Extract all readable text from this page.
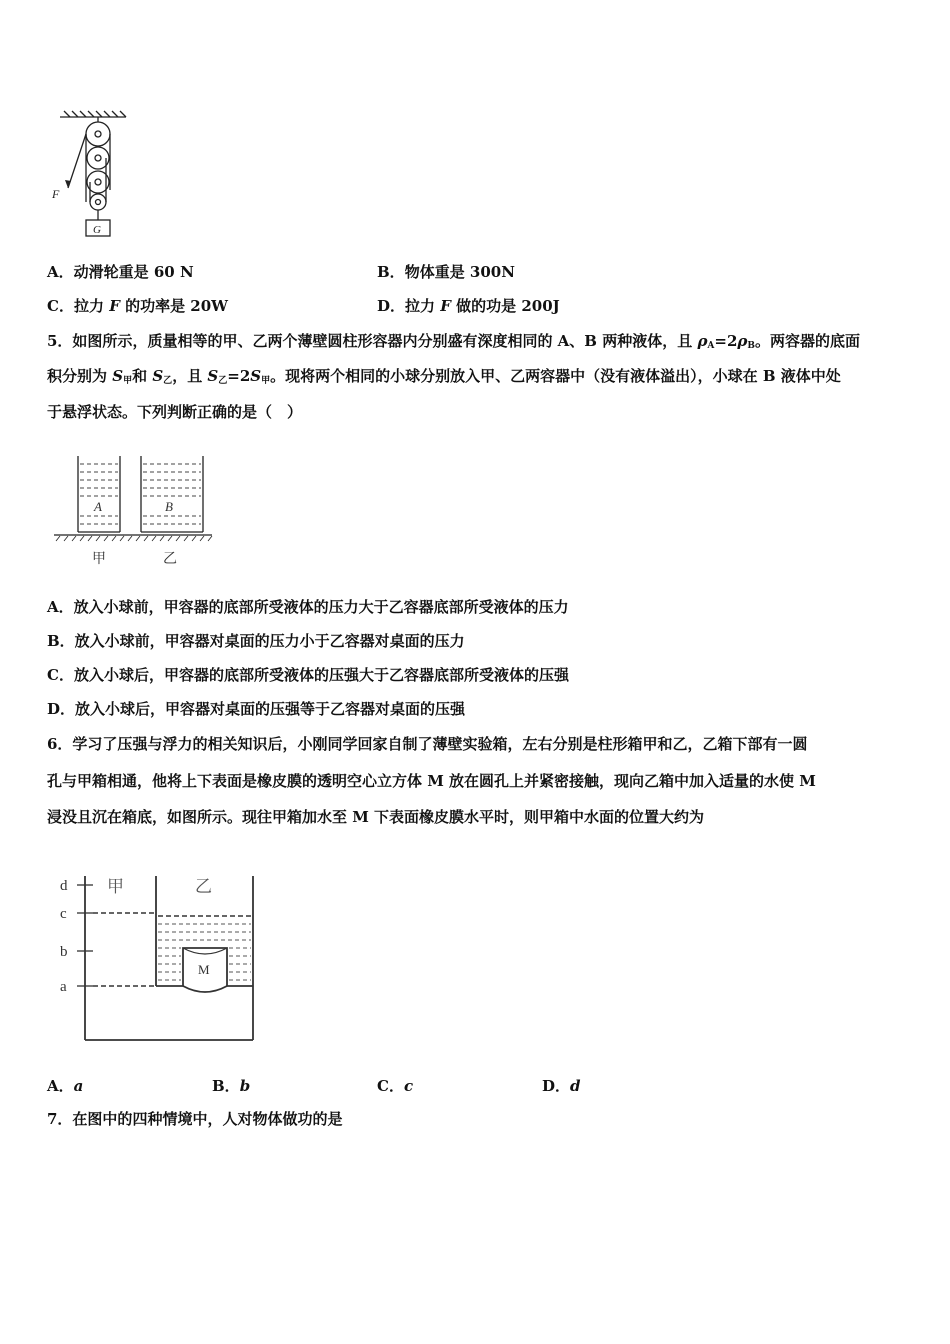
F
G
A．动滑轮重是 60 N	B．物体重是 300N
C．拉力 F 的功率是 20W	D．拉力 F 做的功是 200J
5．如图所示，质量相等的甲、乙两个薄壁圆柱形容器内分别盛有深度相同的 A、B 两种液体，且 $\rho_A=2\rho_B$。两容器的底面
积分别为 $S_甲$和 $S_乙$，且 $S_乙=2S_甲$。现将两个相同的小球分别放入甲、乙两容器中（没有液体溢出），小球在 B 液体中处
于悬浮状态。下列判断正确的是（　）
A	B
甲	乙
A．放入小球前，甲容器的底部所受液体的压力大于乙容器底部所受液体的压力
B．放入小球前，甲容器对桌面的压力小于乙容器对桌面的压力
C．放入小球后，甲容器的底部所受液体的压强大于乙容器底部所受液体的压强
D．放入小球后，甲容器对桌面的压强等于乙容器对桌面的压强
6．学习了压强与浮力的相关知识后，小刚同学回家自制了薄壁实验箱，左右分别是柱形箱甲和乙，乙箱下部有一圆
孔与甲箱相通，他将上下表面是橡皮膜的透明空心立方体 M 放在圆孔上并紧密接触，现向乙箱中加入适量的水使 M
浸没且沉在箱底，如图所示。现往甲箱加水至 M 下表面橡皮膜水平时，则甲箱中水面的位置大约为
d
c
b
a
甲	乙
M
A．a	B．b	C．c	D．d
7．在图中的四种情境中，人对物体做功的是
